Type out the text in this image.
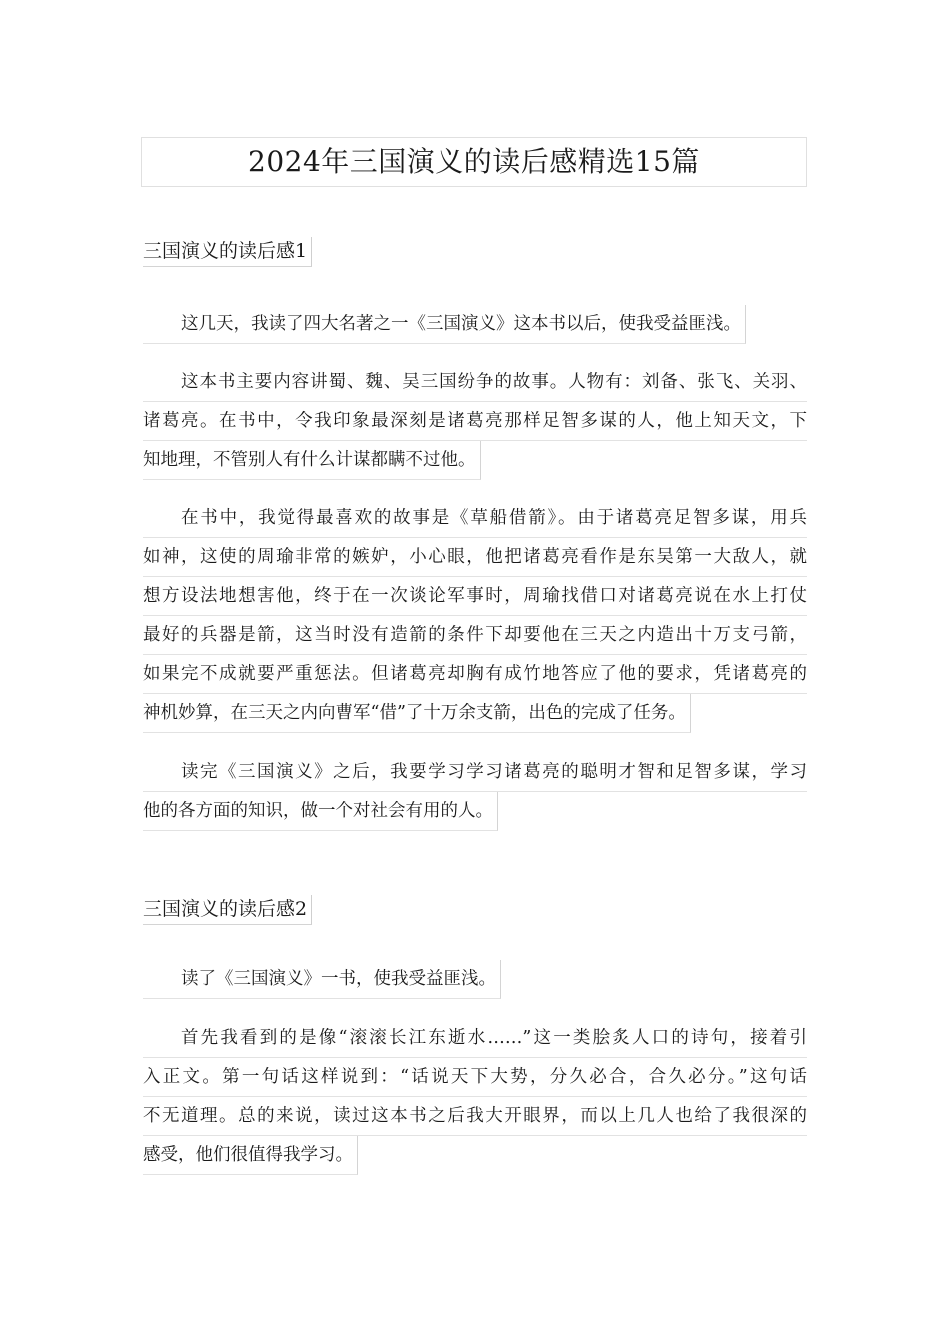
2024年三国演义的读后感精选15篇
三国演义的读后感1
这几天，我读了四大名著之一《三国演义》这本书以后，使我受益匪浅。
这本书主要内容讲蜀、魏、吴三国纷争的故事。人物有：刘备、张飞、关羽、
诸葛亮。在书中，令我印象最深刻是诸葛亮那样足智多谋的人，他上知天文，下
知地理，不管别人有什么计谋都瞒不过他。
在书中，我觉得最喜欢的故事是《草船借箭》。由于诸葛亮足智多谋，用兵
如神，这使的周瑜非常的嫉妒，小心眼，他把诸葛亮看作是东吴第一大敌人，就
想方设法地想害他，终于在一次谈论军事时，周瑜找借口对诸葛亮说在水上打仗
最好的兵器是箭，这当时没有造箭的条件下却要他在三天之内造出十万支弓箭，
如果完不成就要严重惩法。但诸葛亮却胸有成竹地答应了他的要求，凭诸葛亮的
神机妙算，在三天之内向曹军“借”了十万余支箭，出色的完成了任务。
读完《三国演义》之后，我要学习学习诸葛亮的聪明才智和足智多谋，学习
他的各方面的知识，做一个对社会有用的人。
三国演义的读后感2
读了《三国演义》一书，使我受益匪浅。
首先我看到的是像“滚滚长江东逝水……”这一类脍炙人口的诗句，接着引
入正文。第一句话这样说到：“话说天下大势，分久必合，合久必分。”这句话
不无道理。总的来说，读过这本书之后我大开眼界，而以上几人也给了我很深的
感受，他们很值得我学习。
